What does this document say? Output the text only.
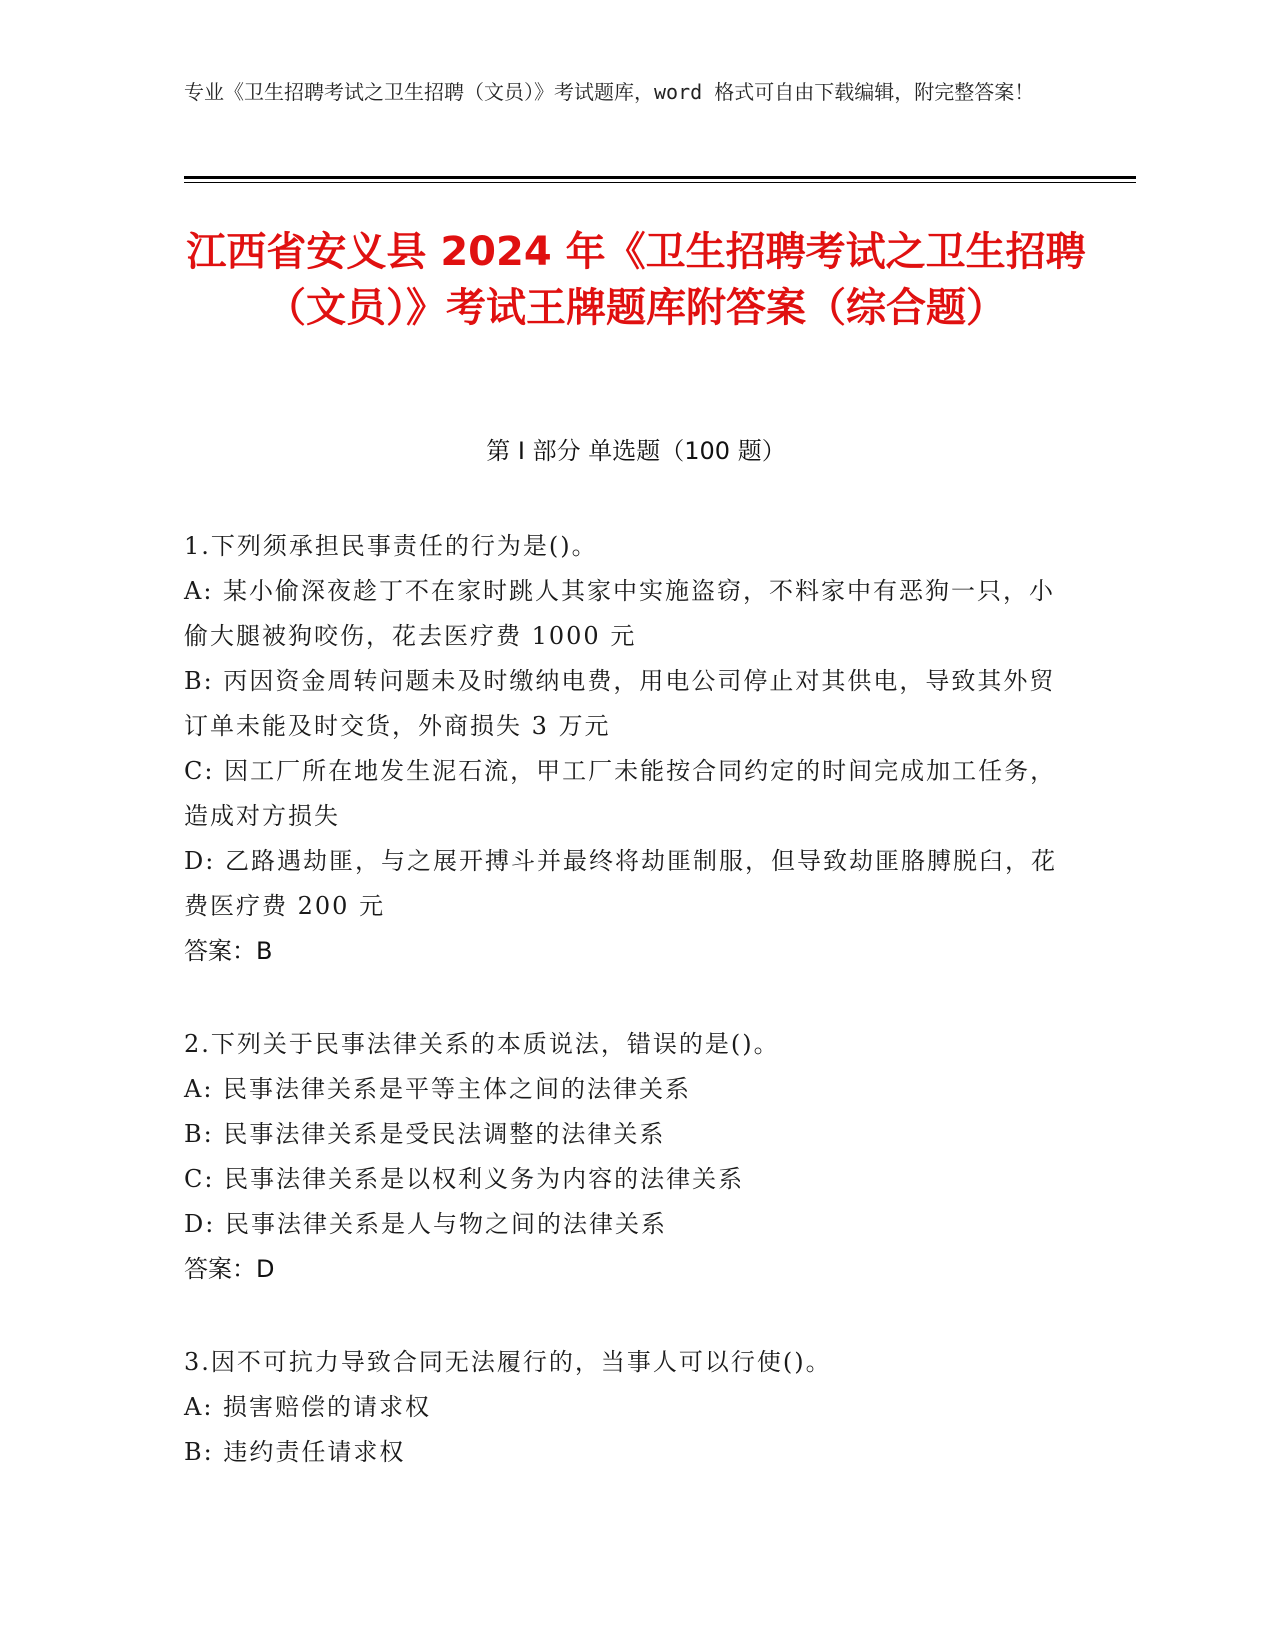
专业《卫生招聘考试之卫生招聘（文员）》考试题库，word 格式可自由下载编辑，附完整答案！
江西省安义县 2024 年《卫生招聘考试之卫生招聘（文员）》考试王牌题库附答案（综合题）
第 I 部分 单选题（100 题）
1.下列须承担民事责任的行为是()。
A: 某小偷深夜趁丁不在家时跳人其家中实施盗窃，不料家中有恶狗一只，小偷大腿被狗咬伤，花去医疗费 1000 元
B: 丙因资金周转问题未及时缴纳电费，用电公司停止对其供电，导致其外贸订单未能及时交货，外商损失 3 万元
C: 因工厂所在地发生泥石流，甲工厂未能按合同约定的时间完成加工任务，造成对方损失
D: 乙路遇劫匪，与之展开搏斗并最终将劫匪制服，但导致劫匪胳膊脱臼，花费医疗费 200 元
答案：B
2.下列关于民事法律关系的本质说法，错误的是()。
A: 民事法律关系是平等主体之间的法律关系
B: 民事法律关系是受民法调整的法律关系
C: 民事法律关系是以权利义务为内容的法律关系
D: 民事法律关系是人与物之间的法律关系
答案：D
3.因不可抗力导致合同无法履行的，当事人可以行使()。
A: 损害赔偿的请求权
B: 违约责任请求权
